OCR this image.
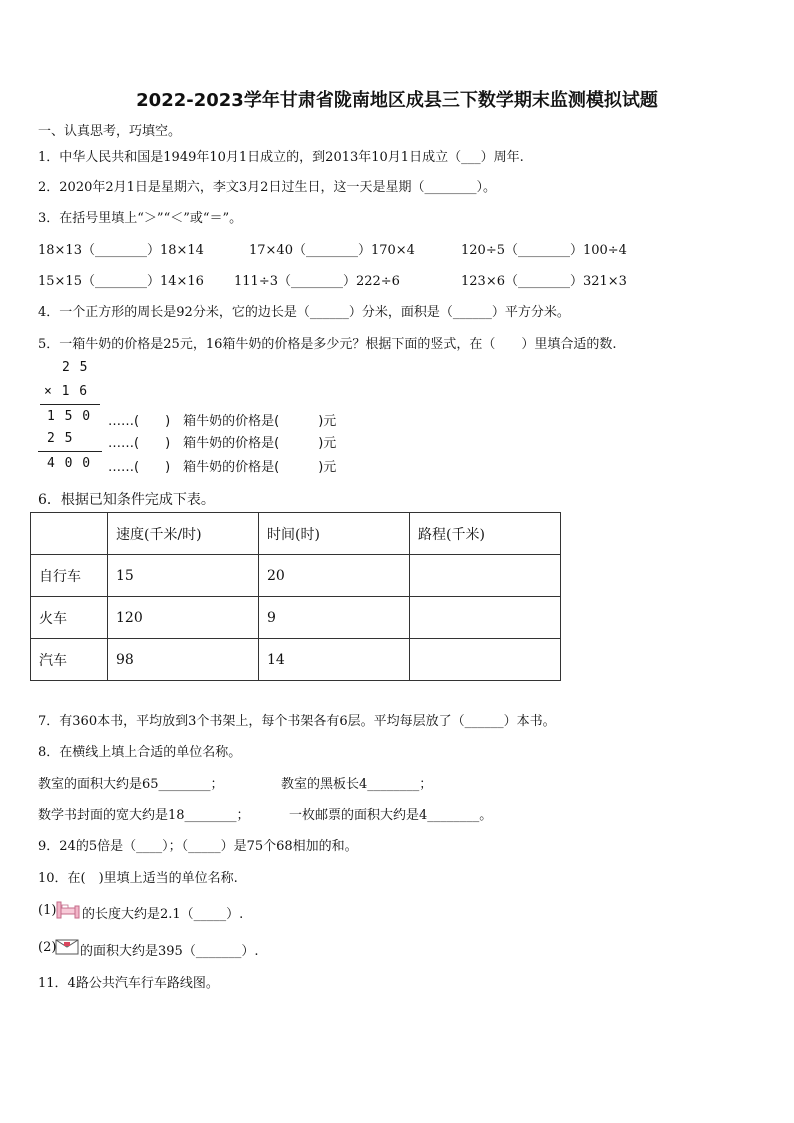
2022-2023学年甘肃省陇南地区成县三下数学期末监测模拟试题
一、认真思考，巧填空。
1．中华人民共和国是1949年10月1日成立的，到2013年10月1日成立（___）周年.
2．2020年2月1日是星期六，李文3月2日过生日，这一天是星期（________）。
3．在括号里填上“＞”“＜”或“＝”。
18×13（________）18×14	17×40（________）170×4	120÷5（________）100÷4
15×15（________）14×16 111÷3（________）222÷6	123×6（________）321×3
4．一个正方形的周长是92分米，它的边长是（______）分米，面积是（______）平方分米。
5．一箱牛奶的价格是25元，16箱牛奶的价格是多少元？根据下面的竖式，在（　　）里填合适的数.
2 5
× 1 6
1 5 0
2 5
4 0 0
……(　　)　箱牛奶的价格是(　　　)元
……(　　)　箱牛奶的价格是(　　　)元
……(　　)　箱牛奶的价格是(　　　)元
6．根据已知条件完成下表。
	速度(千米/时)	时间(时)	路程(千米)
自行车	15	20	
火车	120	9	
汽车	98	14	
7．有360本书，平均放到3个书架上，每个书架各有6层。平均每层放了（______）本书。
8．在横线上填上合适的单位名称。
教室的面积大约是65________；	教室的黑板长4________；
数学书封面的宽大约是18________；	一枚邮票的面积大约是4________。
9．24的5倍是（____）；（_____）是75个68相加的和。
10．在(　)里填上适当的单位名称.
(1) 的长度大约是2.1（_____）.
(2) 的面积大约是395（_______）.
11．4路公共汽车行车路线图。
